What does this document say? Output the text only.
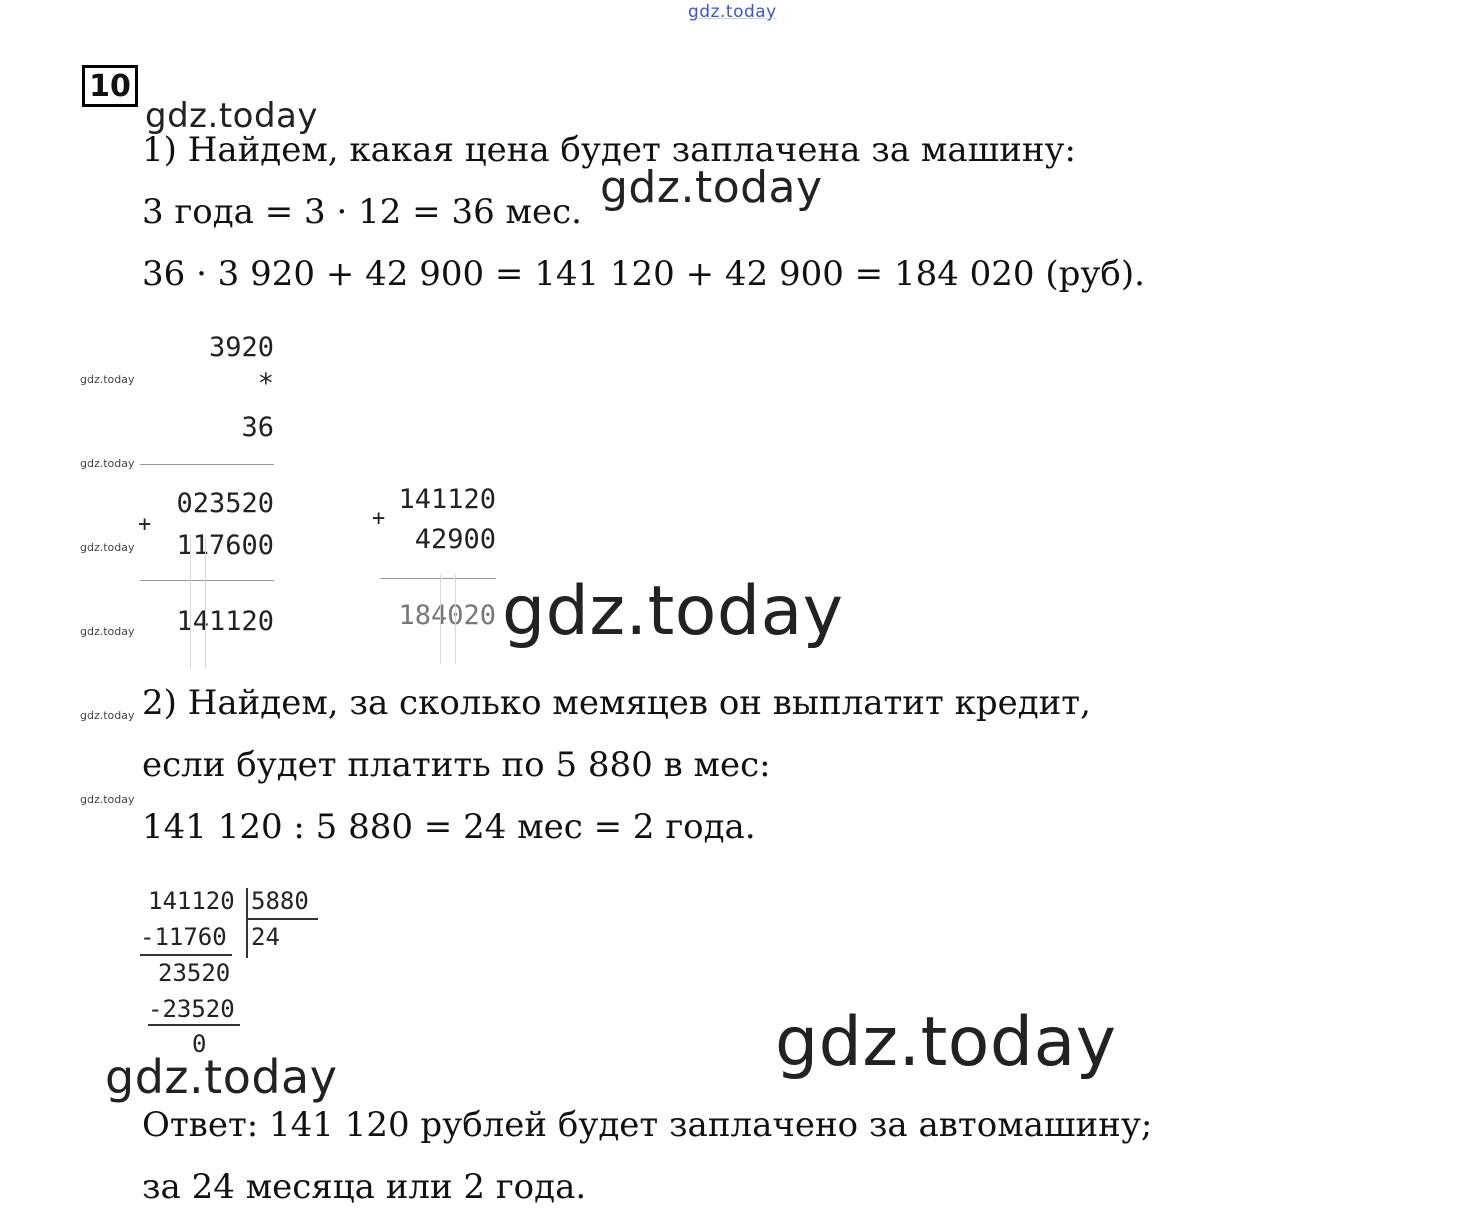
gdz.today
gdz.today
gdz.today
gdz.today
gdz.today
gdz.today
gdz.today
gdz.today
gdz.today
gdz.today
gdz.today
gdz.today
10
1) Найдем, какая цена будет заплачена за машину:
3 года = 3 · 12 = 36 мес.
36 · 3 920 + 42 900 = 141 120 + 42 900 = 184 020 (руб).
3920
*
36
023520
+
117600
141120
141120
+
42900
184020
2) Найдем, за сколько мемяцев он выплатит кредит,
если будет платить по 5 880 в мес:
141 120 : 5 880 = 24 мес = 2 года.
141120 5880
24
-11760
23520
-23520
0
Ответ: 141 120 рублей будет заплачено за автомашину;
за 24 месяца или 2 года.
